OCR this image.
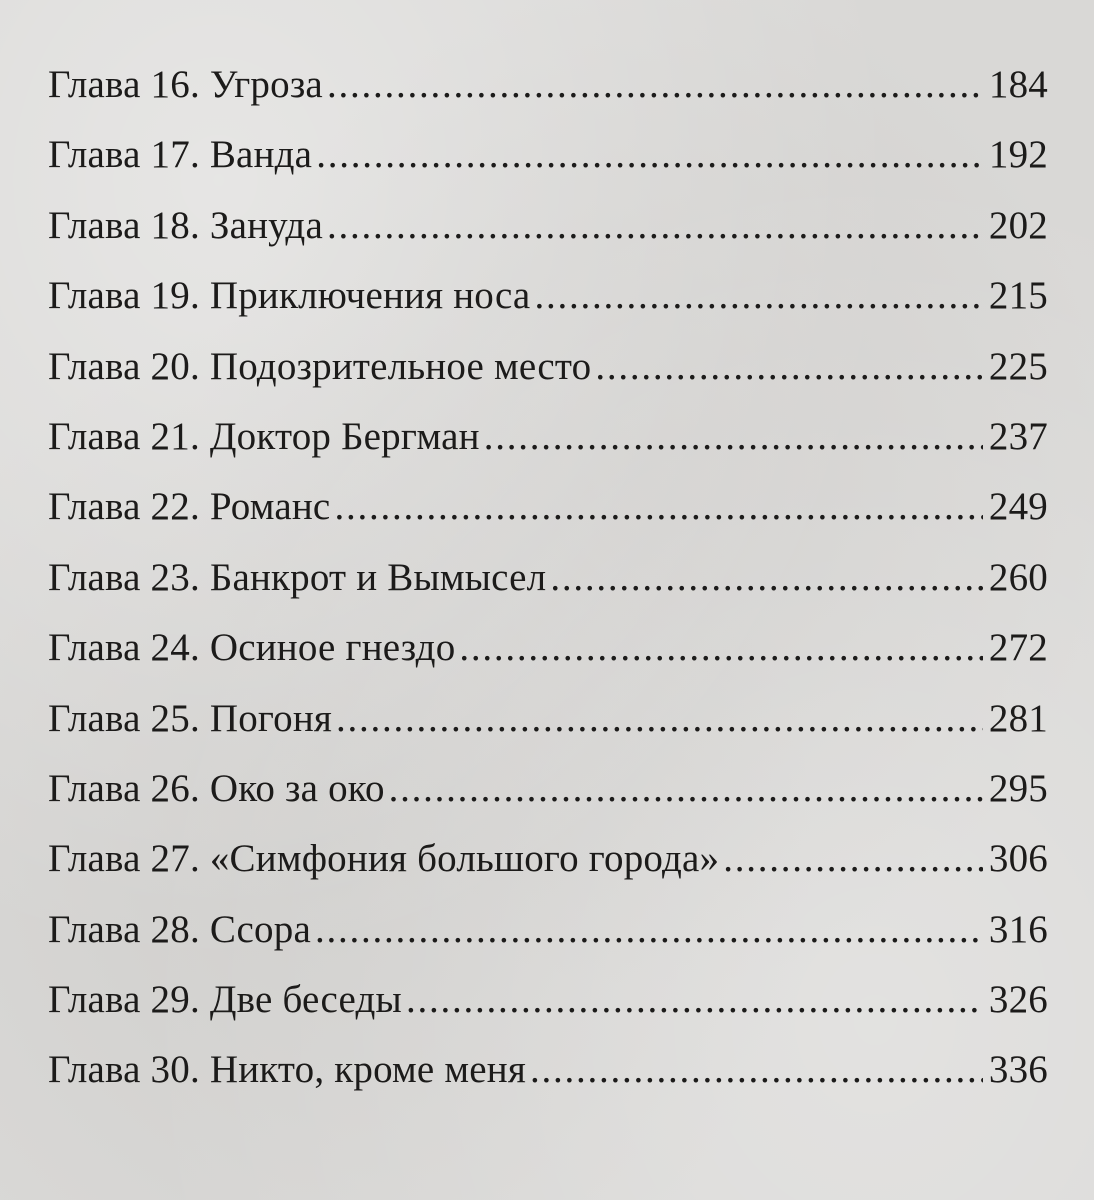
Глава 16. Угроза . . .	184
Глава 17. Ванда . . .	192
Глава 18. Зануда . . .	202
Глава 19. Приключения носа . . .	215
Глава 20. Подозрительное место . . .	225
Глава 21. Доктор Бергман . . .	237
Глава 22. Романс . . .	249
Глава 23. Банкрот и Вымысел . . .	260
Глава 24. Осиное гнездо . . .	272
Глава 25. Погоня . . .	281
Глава 26. Око за око . . .	295
Глава 27. «Симфония большого города» . . .	306
Глава 28. Ссора . . .	316
Глава 29. Две беседы . . .	326
Глава 30. Никто, кроме меня . . .	336
